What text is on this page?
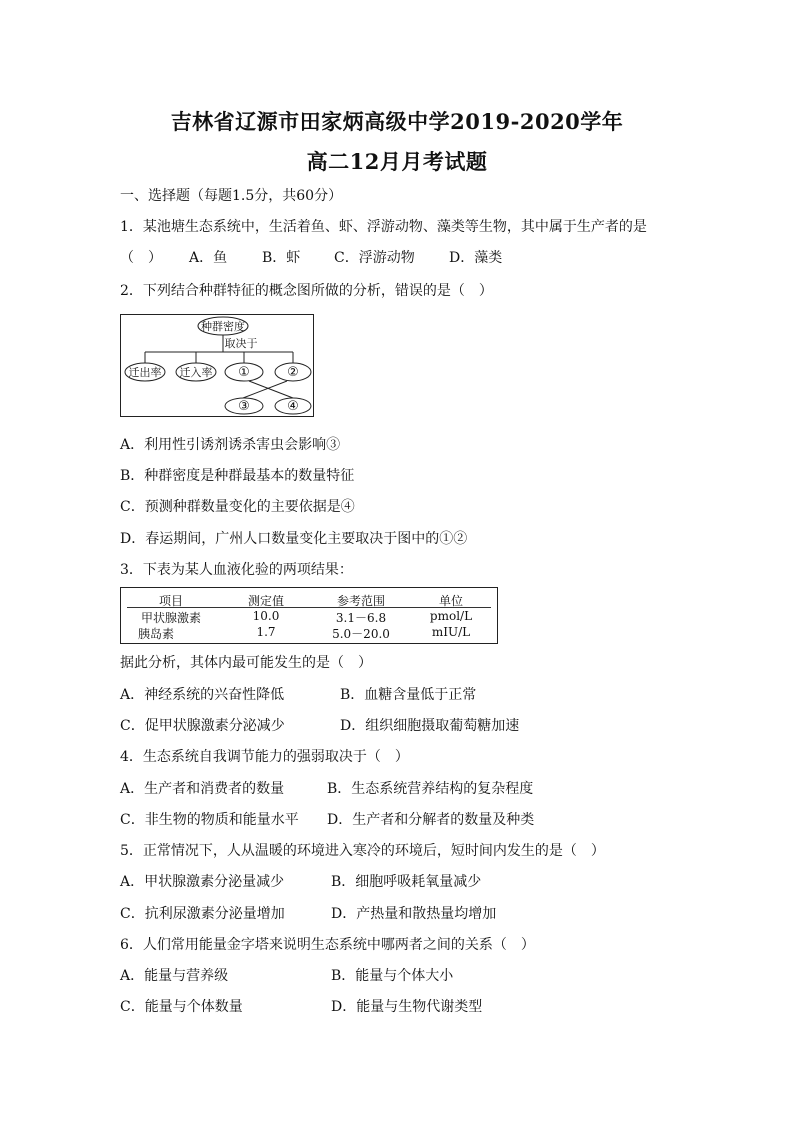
吉林省辽源市田家炳高级中学2019-2020学年
高二12月月考试题
一、选择题（每题1.5分，共60分）
1．某池塘生态系统中，生活着鱼、虾、浮游动物、藻类等生物，其中属于生产者的是
（　） A．鱼 B．虾 C．浮游动物 D．藻类
2．下列结合种群特征的概念图所做的分析，错误的是（　）
种群密度
取决于
迁出率 迁入率 ①	②
③	④
A．利用性引诱剂诱杀害虫会影响③
B．种群密度是种群最基本的数量特征
C．预测种群数量变化的主要依据是④
D．春运期间，广州人口数量变化主要取决于图中的①②
3．下表为某人血液化验的两项结果：
项目	测定值	参考范围	单位
甲状腺激素	10.0	3.1－6.8	pmol/L
胰岛素	1.7	5.0－20.0	mIU/L
据此分析，其体内最可能发生的是（　）
A．神经系统的兴奋性降低	B．血糖含量低于正常
C．促甲状腺激素分泌减少	D．组织细胞摄取葡萄糖加速
4．生态系统自我调节能力的强弱取决于（　）
A．生产者和消费者的数量	B．生态系统营养结构的复杂程度
C．非生物的物质和能量水平 D．生产者和分解者的数量及种类
5．正常情况下，人从温暖的环境进入寒冷的环境后，短时间内发生的是（　）
A．甲状腺激素分泌量减少	B．细胞呼吸耗氧量减少
C．抗利尿激素分泌量增加	D．产热量和散热量均增加
6．人们常用能量金字塔来说明生态系统中哪两者之间的关系（　）
A．能量与营养级	B．能量与个体大小
C．能量与个体数量	D．能量与生物代谢类型
